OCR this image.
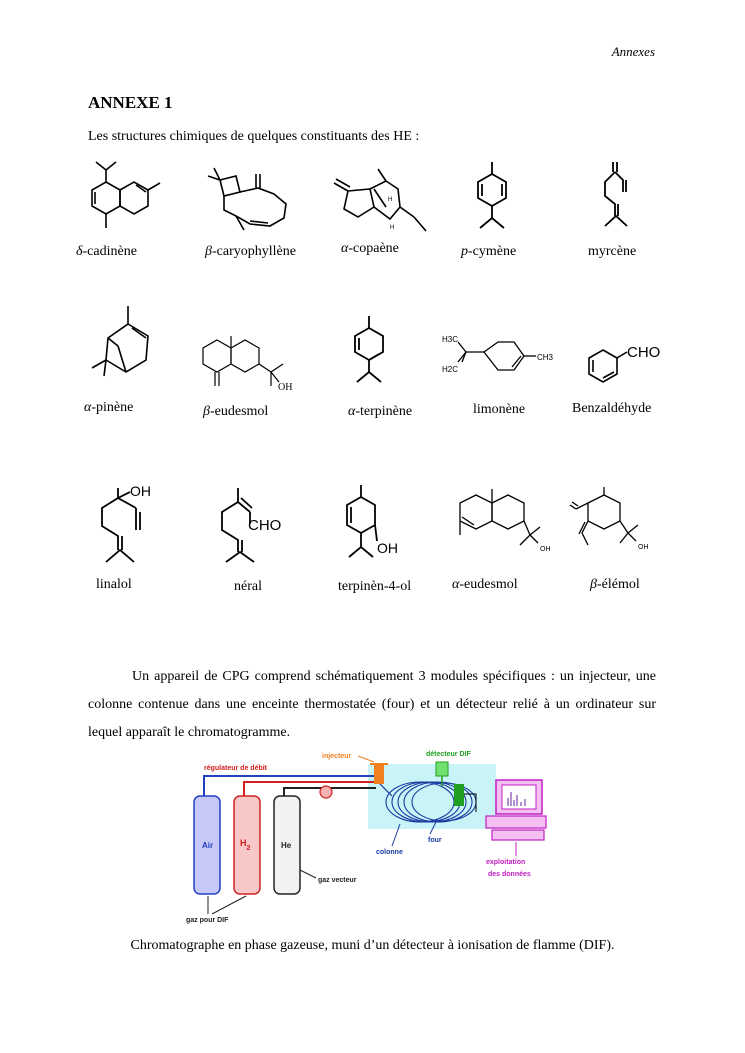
Annexes
ANNEXE 1
Les structures chimiques de quelques constituants des HE :
H
H
δ-cadinène	β-caryophyllène	α-copaène	p-cymène	myrcène
OH
H3C
H2C
CH3	CHO
α-pinène	β-eudesmol	α-terpinène	limonène	Benzaldéhyde
OH
CHO
OH	OH	OH
linalol	néral	terpinèn-4-ol	α-eudesmol	β-élémol
Un appareil de CPG comprend schématiquement 3 modules spécifiques : un injecteur, une colonne contenue dans une enceinte thermostatée (four) et un détecteur relié à un ordinateur sur lequel apparaît le chromatogramme.
Air	$H_2$	He
régulateur de débit
injecteur	détecteur DIF
colonne
four
exploitation
des données
gaz vecteur
gaz pour DIF
Chromatographe en phase gazeuse, muni d’un détecteur à ionisation de flamme (DIF).
